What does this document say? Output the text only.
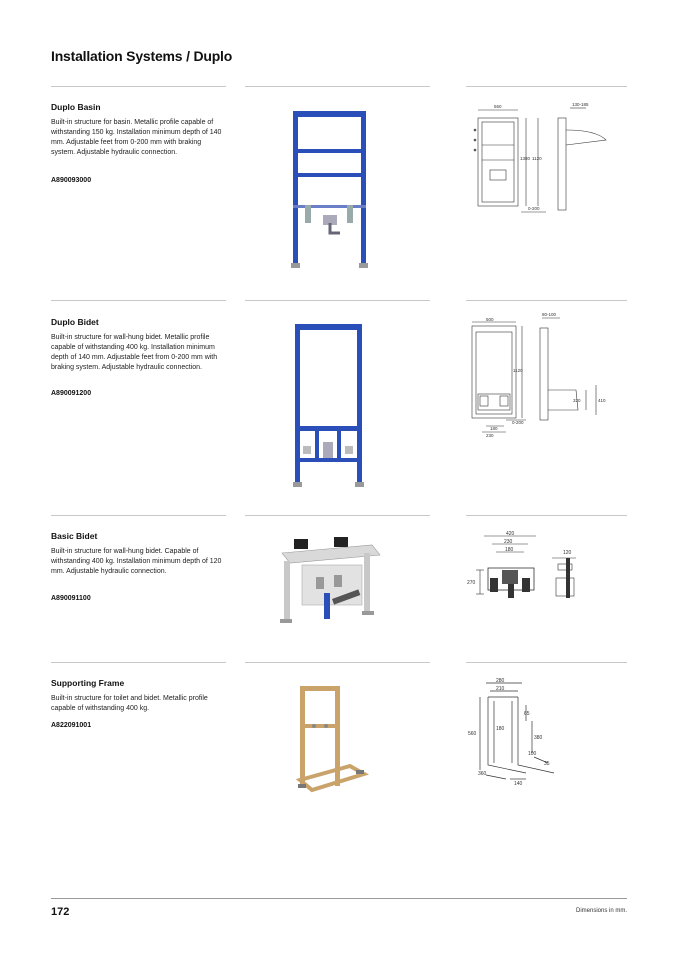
Installation Systems / Duplo
Duplo Basin
Built-in structure for basin. Metallic profile capable of withstanding 150 kg. Installation minimum depth of 140 mm. Adjustable feet from 0-200 mm with braking system. Adjustable hydraulic connection.
A890093000
560	130-185
1380 1120
0-200
Duplo Bidet
Built-in structure for wall-hung bidet. Metallic profile capable of withstanding 400 kg. Installation minimum depth of 140 mm. Adjustable feet from 0-200 mm with braking system. Adjustable hydraulic connection.
A890091200
500
80-100
1120
320	410
0-200
180
230
Basic Bidet
Built-in structure for wall-hung bidet. Capable of withstanding 400 kg. Installation minimum depth of 120 mm. Adjustable hydraulic connection.
A890091100
420
230
180	120
270
Supporting Frame
Built-in structure for toilet and bidet. Metallic profile capable of withstanding 400 kg.
A822091001
280
210
65
560
180
380
100
35
360
140
172	Dimensions in mm.
